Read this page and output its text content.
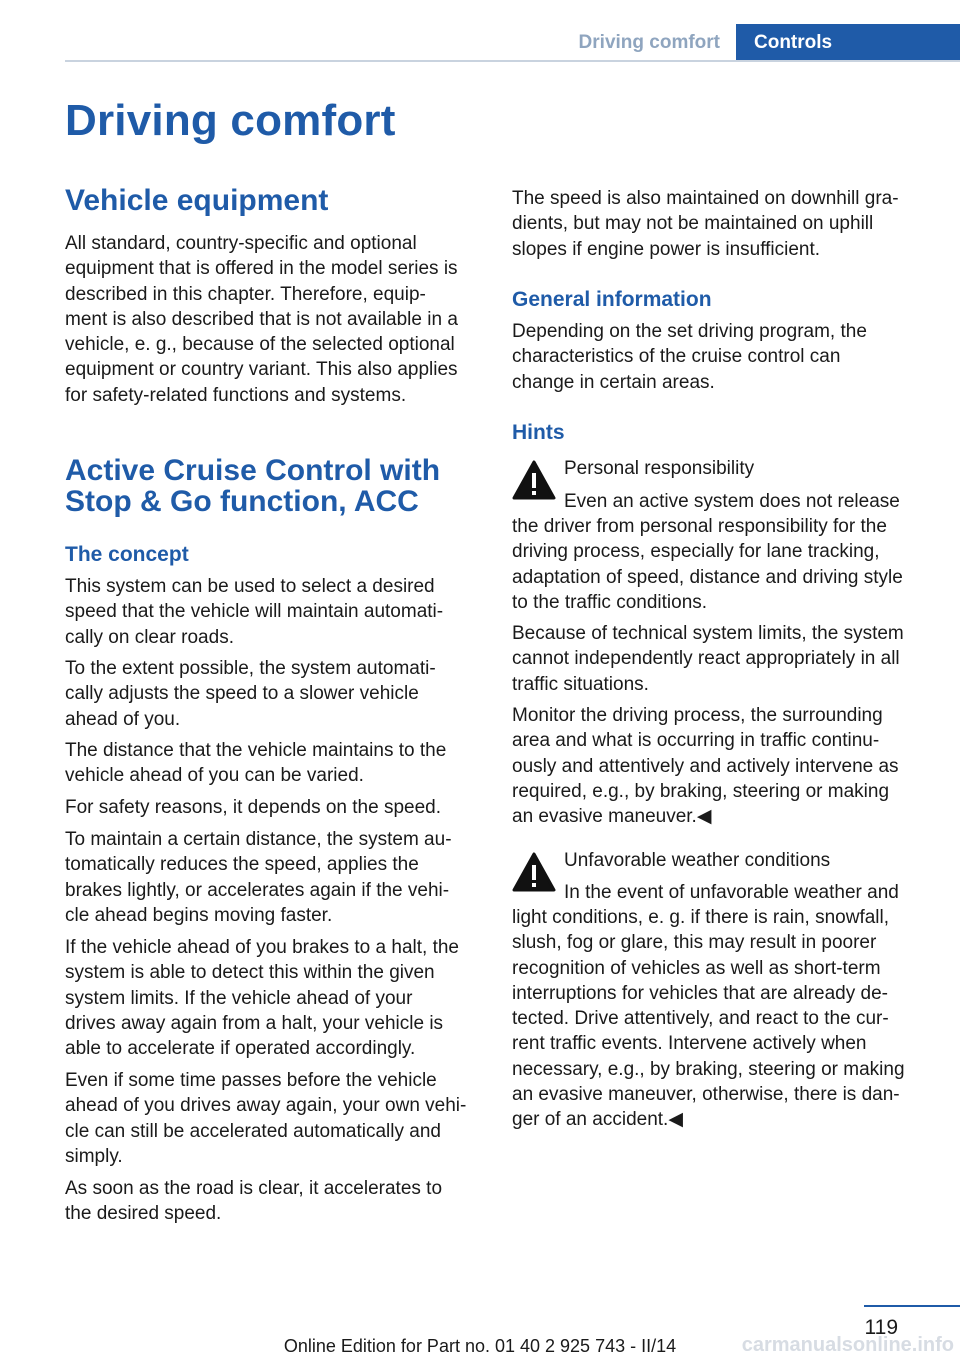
Driving comfort	Controls
Driving comfort
Vehicle equipment
All standard, country-specific and optional
equipment that is offered in the model series is
described in this chapter. Therefore, equip-
ment is also described that is not available in a
vehicle, e. g., because of the selected optional
equipment or country variant. This also applies
for safety-related functions and systems.
Active Cruise Control with
Stop & Go function, ACC
The concept
This system can be used to select a desired
speed that the vehicle will maintain automati-
cally on clear roads.
To the extent possible, the system automati-
cally adjusts the speed to a slower vehicle
ahead of you.
The distance that the vehicle maintains to the
vehicle ahead of you can be varied.
For safety reasons, it depends on the speed.
To maintain a certain distance, the system au-
tomatically reduces the speed, applies the
brakes lightly, or accelerates again if the vehi-
cle ahead begins moving faster.
If the vehicle ahead of you brakes to a halt, the
system is able to detect this within the given
system limits. If the vehicle ahead of your
drives away again from a halt, your vehicle is
able to accelerate if operated accordingly.
Even if some time passes before the vehicle
ahead of you drives away again, your own vehi-
cle can still be accelerated automatically and
simply.
As soon as the road is clear, it accelerates to
the desired speed.
The speed is also maintained on downhill gra-
dients, but may not be maintained on uphill
slopes if engine power is insufficient.
General information
Depending on the set driving program, the
characteristics of the cruise control can
change in certain areas.
Hints
Personal responsibility
Even an active system does not release
the driver from personal responsibility for the
driving process, especially for lane tracking,
adaptation of speed, distance and driving style
to the traffic conditions.
Because of technical system limits, the system
cannot independently react appropriately in all
traffic situations.
Monitor the driving process, the surrounding
area and what is occurring in traffic continu-
ously and attentively and actively intervene as
required, e.g., by braking, steering or making
an evasive maneuver.◀
Unfavorable weather conditions
In the event of unfavorable weather and
light conditions, e. g. if there is rain, snowfall,
slush, fog or glare, this may result in poorer
recognition of vehicles as well as short-term
interruptions for vehicles that are already de-
tected. Drive attentively, and react to the cur-
rent traffic events. Intervene actively when
necessary, e.g., by braking, steering or making
an evasive maneuver, otherwise, there is dan-
ger of an accident.◀
119
Online Edition for Part no. 01 40 2 925 743 - II/14	carmanualsonline.info
